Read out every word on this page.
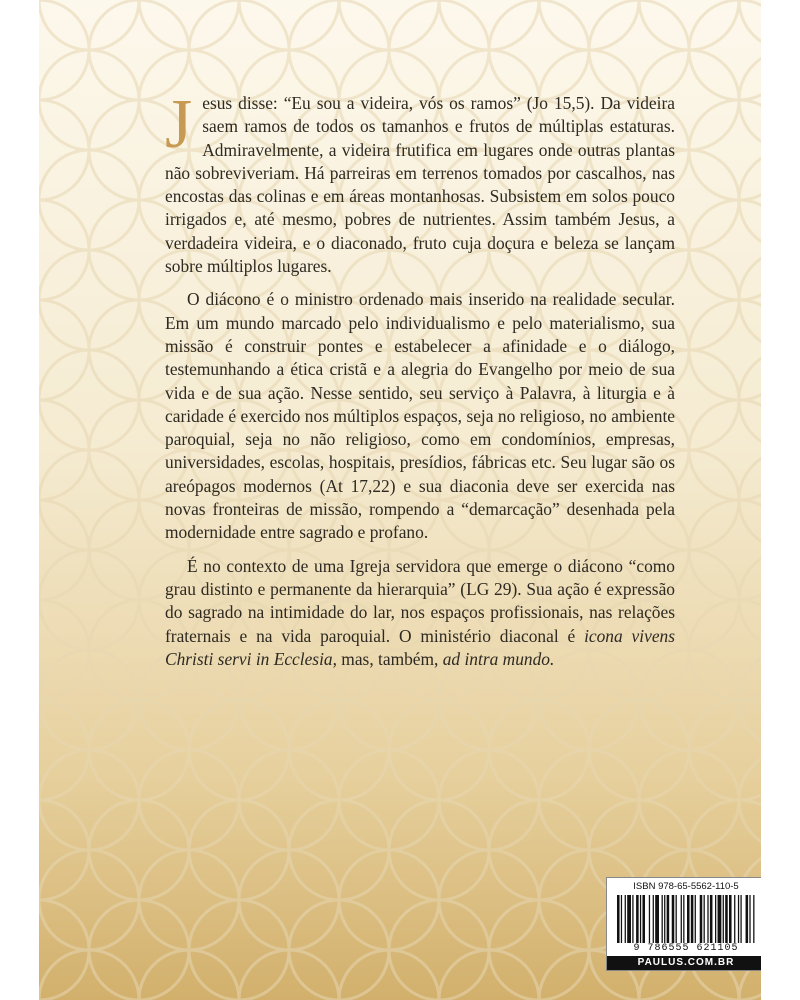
Jesus disse: “Eu sou a videira, vós os ramos” (Jo 15,5). Da videira saem ramos de todos os tamanhos e frutos de múltiplas estaturas. Admiravelmente, a videira frutifica em lugares onde outras plantas não sobreviveriam. Há parreiras em terrenos tomados por cascalhos, nas encostas das colinas e em áreas montanhosas. Subsistem em solos pouco irrigados e, até mesmo, pobres de nutrientes. Assim também Jesus, a verdadeira videira, e o diaconado, fruto cuja doçura e beleza se lançam sobre múltiplos lugares.

O diácono é o ministro ordenado mais inserido na realidade secular. Em um mundo marcado pelo individualismo e pelo materialismo, sua missão é construir pontes e estabelecer a afinidade e o diálogo, testemunhando a ética cristã e a alegria do Evangelho por meio de sua vida e de sua ação. Nesse sentido, seu serviço à Palavra, à liturgia e à caridade é exercido nos múltiplos espaços, seja no religioso, no ambiente paroquial, seja no não religioso, como em condomínios, empresas, universidades, escolas, hospitais, presídios, fábricas etc. Seu lugar são os areópagos modernos (At 17,22) e sua diaconia deve ser exercida nas novas fronteiras de missão, rompendo a “demarcação” desenhada pela modernidade entre sagrado e profano.

É no contexto de uma Igreja servidora que emerge o diácono “como grau distinto e permanente da hierarquia” (LG 29). Sua ação é expressão do sagrado na intimidade do lar, nos espaços profissionais, nas relações fraternais e na vida paroquial. O ministério diaconal é icona vivens Christi servi in Ecclesia, mas, também, ad intra mundo.

ISBN 978-65-5562-110-5
9 786555 621105
PAULUS.COM.BR
